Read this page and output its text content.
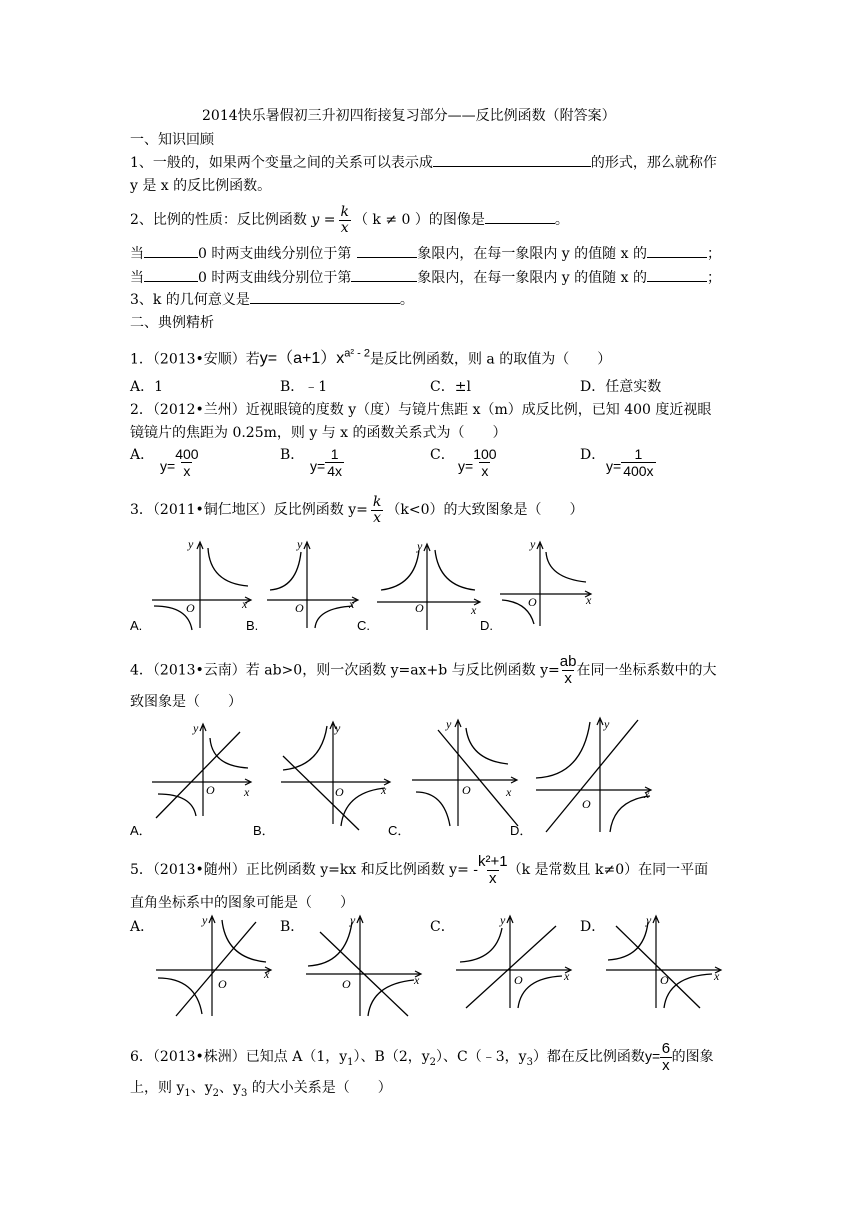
2014快乐暑假初三升初四衔接复习部分——反比例函数（附答案）
一、知识回顾
1、一般的，如果两个变量之间的关系可以表示成	的形式，那么就称作
y 是 x 的反比例函数。
2、比例的性质：反比例函数 $y = \frac{k}{x}$ （ k ≠ 0 ）的图像是	。
当	0 时两支曲线分别位于第	象限内，在每一象限内 y 的值随 x 的	；
当	0 时两支曲线分别位于第	象限内，在每一象限内 y 的值随 x 的	；
3、k 的几何意义是	。
二、典例精析
1．（2013•安顺）若$y=(a+1)x^{a^2 - 2}$是反比例函数，则 a 的取值为（　　）
A．1	B．﹣1	C．±l	D．任意实数
2．（2012•兰州）近视眼镜的度数 y（度）与镜片焦距 x（m）成反比例，已知 400 度近视眼
镜镜片的焦距为 0.25m，则 y 与 x 的函数关系式为（　　）
A．
$y= \frac{400}{x}$	B．
$y= \frac{1}{4x}$	C．
$y= \frac{100}{x}$	D．
$y= \frac{1}{400x}$
3．（2011•铜仁地区）反比例函数 $y= \frac{k}{x} (k<0)$的大致图象是（　　）
y
x
O
A.
y
x
O
B.
y
x
O
C.
y
x
O
D.
4．（2013•云南）若 ab>0，则一次函数 y=ax+b 与反比例函数 $y= \frac{ab}{x}$ 在同一坐标系数中的大
致图象是（　　）
y
x
O
A．
y
x
O
B．
y
x
O
C．
y
x
O
D．
5．（2013•随州）正比例函数 y=kx 和反比例函数 $y= - \frac{\text{k²+1}}{x} (k$ 是常数且 k≠0）在同一平面
直角坐标系中的图象可能是（　　）
A．	B．	C．	D．
y
x
O
y
x
O
y
x
O
y
x
O
6．（2013•株洲）已知点 A（1，$y_1$）、B（2，$y_2$）、C（﹣3，$y_3$）都在反比例函数$y= \frac{6}{x}$ 的图象
上，则 $y_1$、$y_2$、$y_3$ 的大小关系是（　　）
